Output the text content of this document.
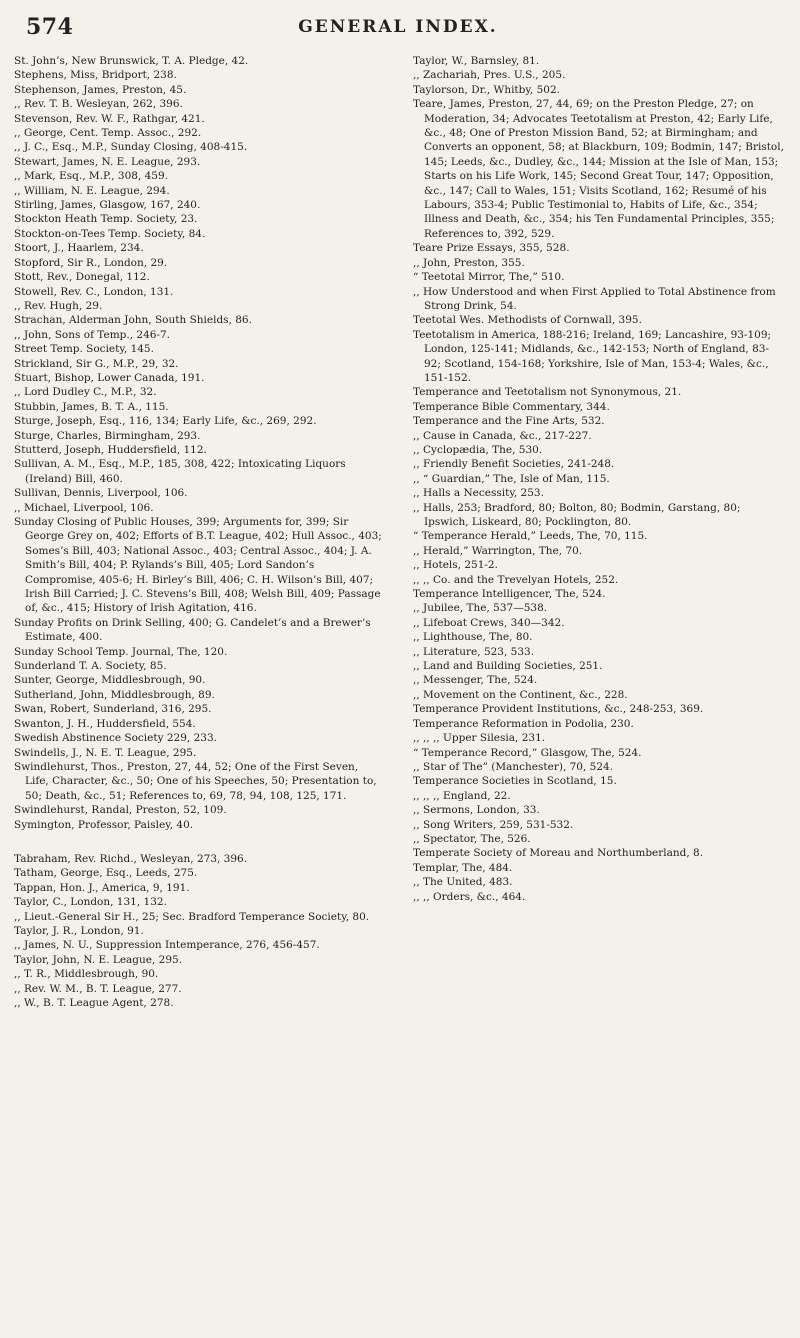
574	GENERAL INDEX.

St. John’s, New Brunswick, T. A. Pledge, 42.

Stephens, Miss, Bridport, 238.

Stephenson, James, Preston, 45.

,, Rev. T. B. Wesleyan, 262, 396.

Stevenson, Rev. W. F., Rathgar, 421.

,, George, Cent. Temp. Assoc., 292.

,, J. C., Esq., M.P., Sunday Closing, 408-415.

Stewart, James, N. E. League, 293.

,, Mark, Esq., M.P., 308, 459.

,, William, N. E. League, 294.

Stirling, James, Glasgow, 167, 240.

Stockton Heath Temp. Society, 23.

Stockton-on-Tees Temp. Society, 84.

Stoort, J., Haarlem, 234.

Stopford, Sir R., London, 29.

Stott, Rev., Donegal, 112.

Stowell, Rev. C., London, 131.

,, Rev. Hugh, 29.

Strachan, Alderman John, South Shields, 86.

,, John, Sons of Temp., 246-7.

Street Temp. Society, 145.

Strickland, Sir G., M.P., 29, 32.

Stuart, Bishop, Lower Canada, 191.

,, Lord Dudley C., M.P., 32.

Stubbin, James, B. T. A., 115.

Sturge, Joseph, Esq., 116, 134; Early Life, &c., 269, 292.

Sturge, Charles, Birmingham, 293.

Stutterd, Joseph, Huddersfield, 112.

Sullivan, A. M., Esq., M.P., 185, 308, 422; Intoxicating Liquors (Ireland) Bill, 460.

Sullivan, Dennis, Liverpool, 106.

,, Michael, Liverpool, 106.

Sunday Closing of Public Houses, 399; Arguments for, 399; Sir George Grey on, 402; Efforts of B.T. League, 402; Hull Assoc., 403; Somes’s Bill, 403; National Assoc., 403; Central Assoc., 404; J. A. Smith’s Bill, 404; P. Rylands’s Bill, 405; Lord Sandon’s Compromise, 405-6; H. Birley’s Bill, 406; C. H. Wilson’s Bill, 407; Irish Bill Carried; J. C. Stevens’s Bill, 408; Welsh Bill, 409; Passage of, &c., 415; History of Irish Agitation, 416.

Sunday Profits on Drink Selling, 400; G. Candelet’s and a Brewer’s Estimate, 400.

Sunday School Temp. Journal, The, 120.

Sunderland T. A. Society, 85.

Sunter, George, Middlesbrough, 90.

Sutherland, John, Middlesbrough, 89.

Swan, Robert, Sunderland, 316, 295.

Swanton, J. H., Huddersfield, 554.

Swedish Abstinence Society 229, 233.

Swindells, J., N. E. T. League, 295.

Swindlehurst, Thos., Preston, 27, 44, 52; One of the First Seven, Life, Character, &c., 50; One of his Speeches, 50; Presentation to, 50; Death, &c., 51; References to, 69, 78, 94, 108, 125, 171.

Swindlehurst, Randal, Preston, 52, 109.

Symington, Professor, Paisley, 40.

Tabraham, Rev. Richd., Wesleyan, 273, 396.

Tatham, George, Esq., Leeds, 275.

Tappan, Hon. J., America, 9, 191.

Taylor, C., London, 131, 132.

,, Lieut.-General Sir H., 25; Sec. Bradford Temperance Society, 80.

Taylor, J. R., London, 91.

,, James, N. U., Suppression Intemperance, 276, 456-457.

Taylor, John, N. E. League, 295.

,, T. R., Middlesbrough, 90.

,, Rev. W. M., B. T. League, 277.

,, W., B. T. League Agent, 278.

Taylor, W., Barnsley, 81.

,, Zachariah, Pres. U.S., 205.

Taylorson, Dr., Whitby, 502.

Teare, James, Preston, 27, 44, 69; on the Preston Pledge, 27; on Moderation, 34; Advocates Teetotalism at Preston, 42; Early Life, &c., 48; One of Preston Mission Band, 52; at Birmingham; and Converts an opponent, 58; at Blackburn, 109; Bodmin, 147; Bristol, 145; Leeds, &c., Dudley, &c., 144; Mission at the Isle of Man, 153; Starts on his Life Work, 145; Second Great Tour, 147; Opposition, &c., 147; Call to Wales, 151; Visits Scotland, 162; Resumé of his Labours, 353-4; Public Testimonial to, Habits of Life, &c., 354; Illness and Death, &c., 354; his Ten Fundamental Principles, 355; References to, 392, 529.

Teare Prize Essays, 355, 528.

,, John, Preston, 355.

“ Teetotal Mirror, The,” 510.

,, How Understood and when First Applied to Total Abstinence from Strong Drink, 54.

Teetotal Wes. Methodists of Cornwall, 395.

Teetotalism in America, 188-216; Ireland, 169; Lancashire, 93-109; London, 125-141; Midlands, &c., 142-153; North of England, 83-92; Scotland, 154-168; Yorkshire, Isle of Man, 153-4; Wales, &c., 151-152.

Temperance and Teetotalism not Synonymous, 21.

Temperance Bible Commentary, 344.

Temperance and the Fine Arts, 532.

,, Cause in Canada, &c., 217-227.

,, Cyclopædia, The, 530.

,, Friendly Benefit Societies, 241-248.

,, “ Guardian,” The, Isle of Man, 115.

,, Halls a Necessity, 253.

,, Halls, 253; Bradford, 80; Bolton, 80; Bodmin, Garstang, 80; Ipswich, Liskeard, 80; Pocklington, 80.

“ Temperance Herald,” Leeds, The, 70, 115.

,, Herald,” Warrington, The, 70.

,, Hotels, 251-2.

,, ,, Co. and the Trevelyan Hotels, 252.

Temperance Intelligencer, The, 524.

,, Jubilee, The, 537—538.

,, Lifeboat Crews, 340—342.

,, Lighthouse, The, 80.

,, Literature, 523, 533.

,, Land and Building Societies, 251.

,, Messenger, The, 524.

,, Movement on the Continent, &c., 228.

Temperance Provident Institutions, &c., 248-253, 369.

Temperance Reformation in Podolia, 230.

,, ,, ,, Upper Silesia, 231.

“ Temperance Record,” Glasgow, The, 524.

,, Star of The” (Manchester), 70, 524.

Temperance Societies in Scotland, 15.

,, ,, ,, England, 22.

,, Sermons, London, 33.

,, Song Writers, 259, 531-532.

,, Spectator, The, 526.

Temperate Society of Moreau and Northumberland, 8.

Templar, The, 484.

,, The United, 483.

,, ,, Orders, &c., 464.
